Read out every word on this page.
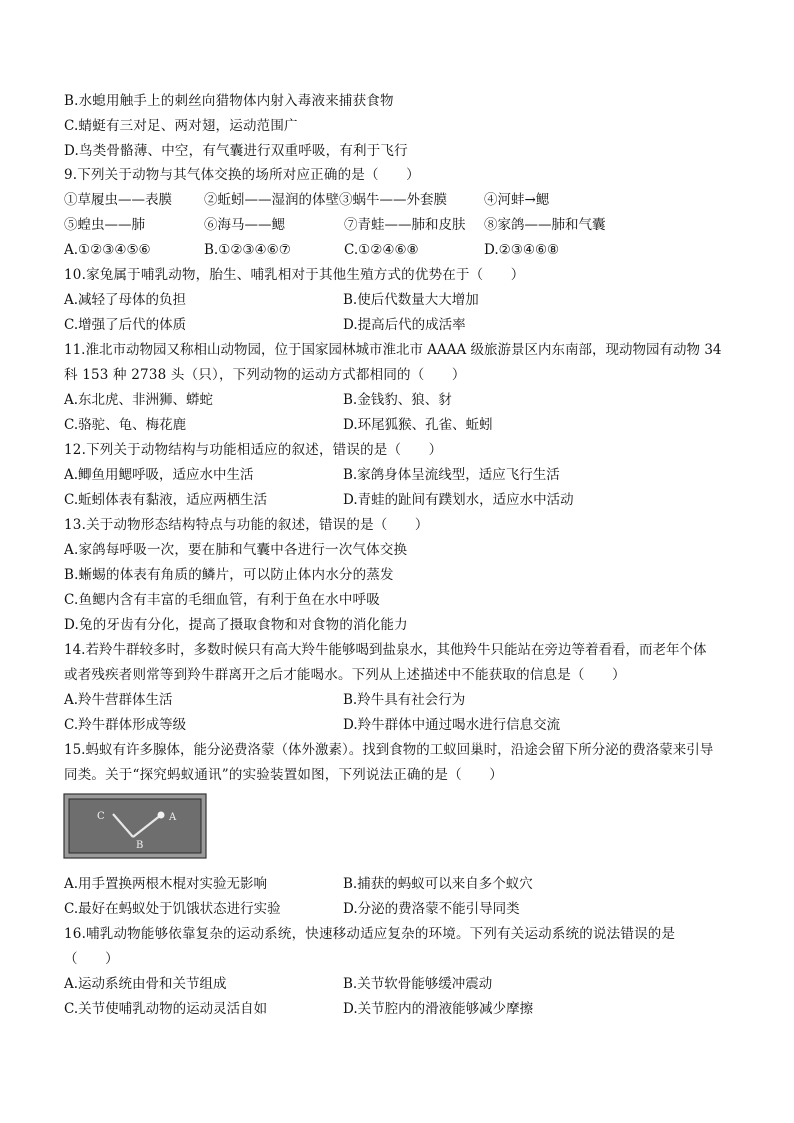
B.水螅用触手上的刺丝向猎物体内射入毒液来捕获食物
C.蜻蜓有三对足、两对翅，运动范围广
D.鸟类骨骼薄、中空，有气囊进行双重呼吸，有利于飞行
9.下列关于动物与其气体交换的场所对应正确的是（　　）
①草履虫——表膜 ②蚯蚓——湿润的体壁③蜗牛——外套膜	④河蚌→鳃
⑤蝗虫——肺	⑥海马——鳃	⑦青蛙——肺和皮肤 ⑧家鸽——肺和气囊
A.①②③④⑤⑥	B.①②③④⑥⑦	C.①②④⑥⑧	D.②③④⑥⑧
10.家兔属于哺乳动物，胎生、哺乳相对于其他生殖方式的优势在于（　　）
A.减轻了母体的负担	B.使后代数量大大增加
C.增强了后代的体质	D.提高后代的成活率
11.淮北市动物园又称相山动物园，位于国家园林城市淮北市 AAAA 级旅游景区内东南部，现动物园有动物 34
科 153 种 2738 头（只），下列动物的运动方式都相同的（　　）
A.东北虎、非洲狮、蟒蛇	B.金钱豹、狼、豺
C.骆驼、龟、梅花鹿	D.环尾狐猴、孔雀、蚯蚓
12.下列关于动物结构与功能相适应的叙述，错误的是（　　）
A.鲫鱼用鳃呼吸，适应水中生活	B.家鸽身体呈流线型，适应飞行生活
C.蚯蚓体表有黏液，适应两栖生活	D.青蛙的趾间有蹼划水，适应水中活动
13.关于动物形态结构特点与功能的叙述，错误的是（　　）
A.家鸽每呼吸一次，要在肺和气囊中各进行一次气体交换
B.蜥蜴的体表有角质的鳞片，可以防止体内水分的蒸发
C.鱼鳃内含有丰富的毛细血管，有利于鱼在水中呼吸
D.兔的牙齿有分化，提高了摄取食物和对食物的消化能力
14.若羚牛群较多时，多数时候只有高大羚牛能够喝到盐泉水，其他羚牛只能站在旁边等着看看，而老年个体
或者残疾者则常等到羚牛群离开之后才能喝水。下列从上述描述中不能获取的信息是（　　）
A.羚牛营群体生活	B.羚牛具有社会行为
C.羚牛群体形成等级	D.羚牛群体中通过喝水进行信息交流
15.蚂蚁有许多腺体，能分泌费洛蒙（体外激素）。找到食物的工蚁回巢时，沿途会留下所分泌的费洛蒙来引导
同类。关于“探究蚂蚁通讯”的实验装置如图，下列说法正确的是（　　）
C	A
B
A.用手置换两根木棍对实验无影响	B.捕获的蚂蚁可以来自多个蚁穴
C.最好在蚂蚁处于饥饿状态进行实验	D.分泌的费洛蒙不能引导同类
16.哺乳动物能够依靠复杂的运动系统，快速移动适应复杂的环境。下列有关运动系统的说法错误的是
（　　）
A.运动系统由骨和关节组成	B.关节软骨能够缓冲震动
C.关节使哺乳动物的运动灵活自如	D.关节腔内的滑液能够减少摩擦
